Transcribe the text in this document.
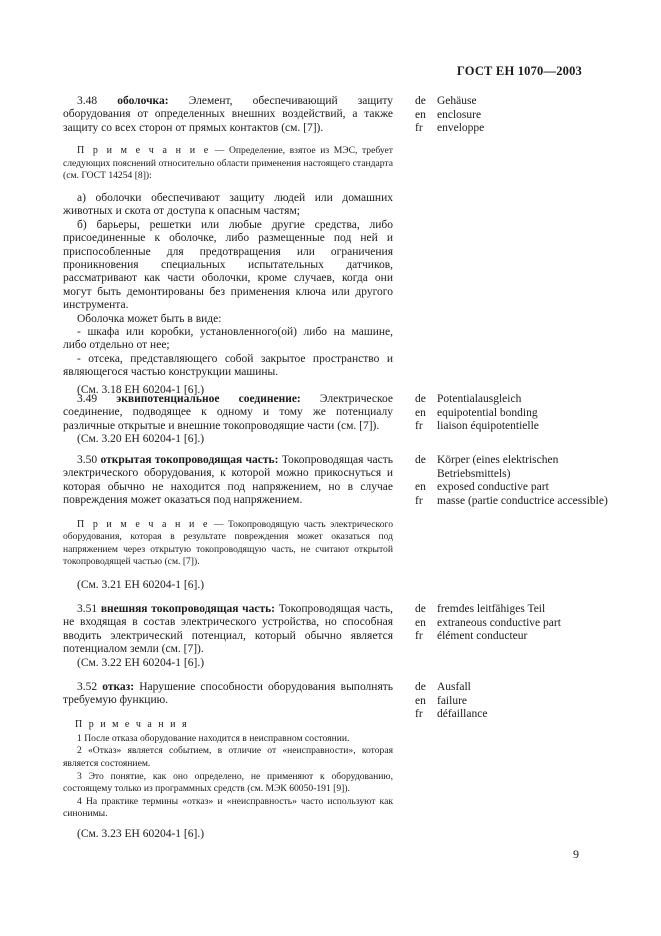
ГОСТ ЕН 1070—2003

3.48 оболочка: Элемент, обеспечивающий защиту оборудования от определенных внешних воздействий, а также защиту со всех сторон от прямых контактов (см. [7]).

П р и м е ч а н и е — Определение, взятое из МЭС, требует следующих пояснений относительно области применения настоящего стандарта (см. ГОСТ 14254 [8]):

а) оболочки обеспечивают защиту людей или домашних животных и скота от доступа к опасным частям;

б) барьеры, решетки или любые другие средства, либо присоединенные к оболочке, либо размещенные под ней и приспособленные для предотвращения или ограничения проникновения специальных испытательных датчиков, рассматривают как части оболочки, кроме случаев, когда они могут быть демонтированы без применения ключа или другого инструмента.

Оболочка может быть в виде:

- шкафа или коробки, установленного(ой) либо на машине, либо отдельно от нее;

- отсека, представляющего собой закрытое пространство и являющегося частью конструкции машины.

(См. 3.18 ЕН 60204-1 [6].)

de Gehäuse
en enclosure
fr	enveloppe

3.49 эквипотенциальное соединение: Электрическое соединение, подводящее к одному и тому же потенциалу различные открытые и внешние токопроводящие части (см. [7]).

(См. 3.20 ЕН 60204-1 [6].)

de Potentialausgleich
en equipotential bonding
fr	liaison équipotentielle

3.50 открытая токопроводящая часть: Токопроводящая часть электрического оборудования, к которой можно прикоснуться и которая обычно не находится под напряжением, но в случае повреждения может оказаться под напряжением.

П р и м е ч а н и е — Токопроводящую часть электрического оборудования, которая в результате повреждения может оказаться под напряжением через открытую токопроводящую часть, не считают открытой токопроводящей частью (см. [7]).

(См. 3.21 ЕН 60204-1 [6].)

de Körper (eines elektrischen Betriebsmittels)
en exposed conductive part
fr	masse (partie conductrice accessible)

3.51 внешняя токопроводящая часть: Токопроводящая часть, не входящая в состав электрического устройства, но способная вводить электрический потенциал, который обычно является потенциалом земли (см. [7]).

(См. 3.22 ЕН 60204-1 [6].)

de fremdes leitfähiges Teil
en extraneous conductive part
fr	élément conducteur

3.52 отказ: Нарушение способности оборудования выполнять требуемую функцию.

П р и м е ч а н и я

1 После отказа оборудование находится в неисправном состоянии.

2 «Отказ» является событием, в отличие от «неисправности», которая является состоянием.

3 Это понятие, как оно определено, не применяют к оборудованию, состоящему только из программных средств (см. МЭК 60050-191 [9]).

4 На практике термины «отказ» и «неисправность» часто используют как синонимы.

(См. 3.23 ЕН 60204-1 [6].)

de Ausfall
en failure
fr	défaillance
9
